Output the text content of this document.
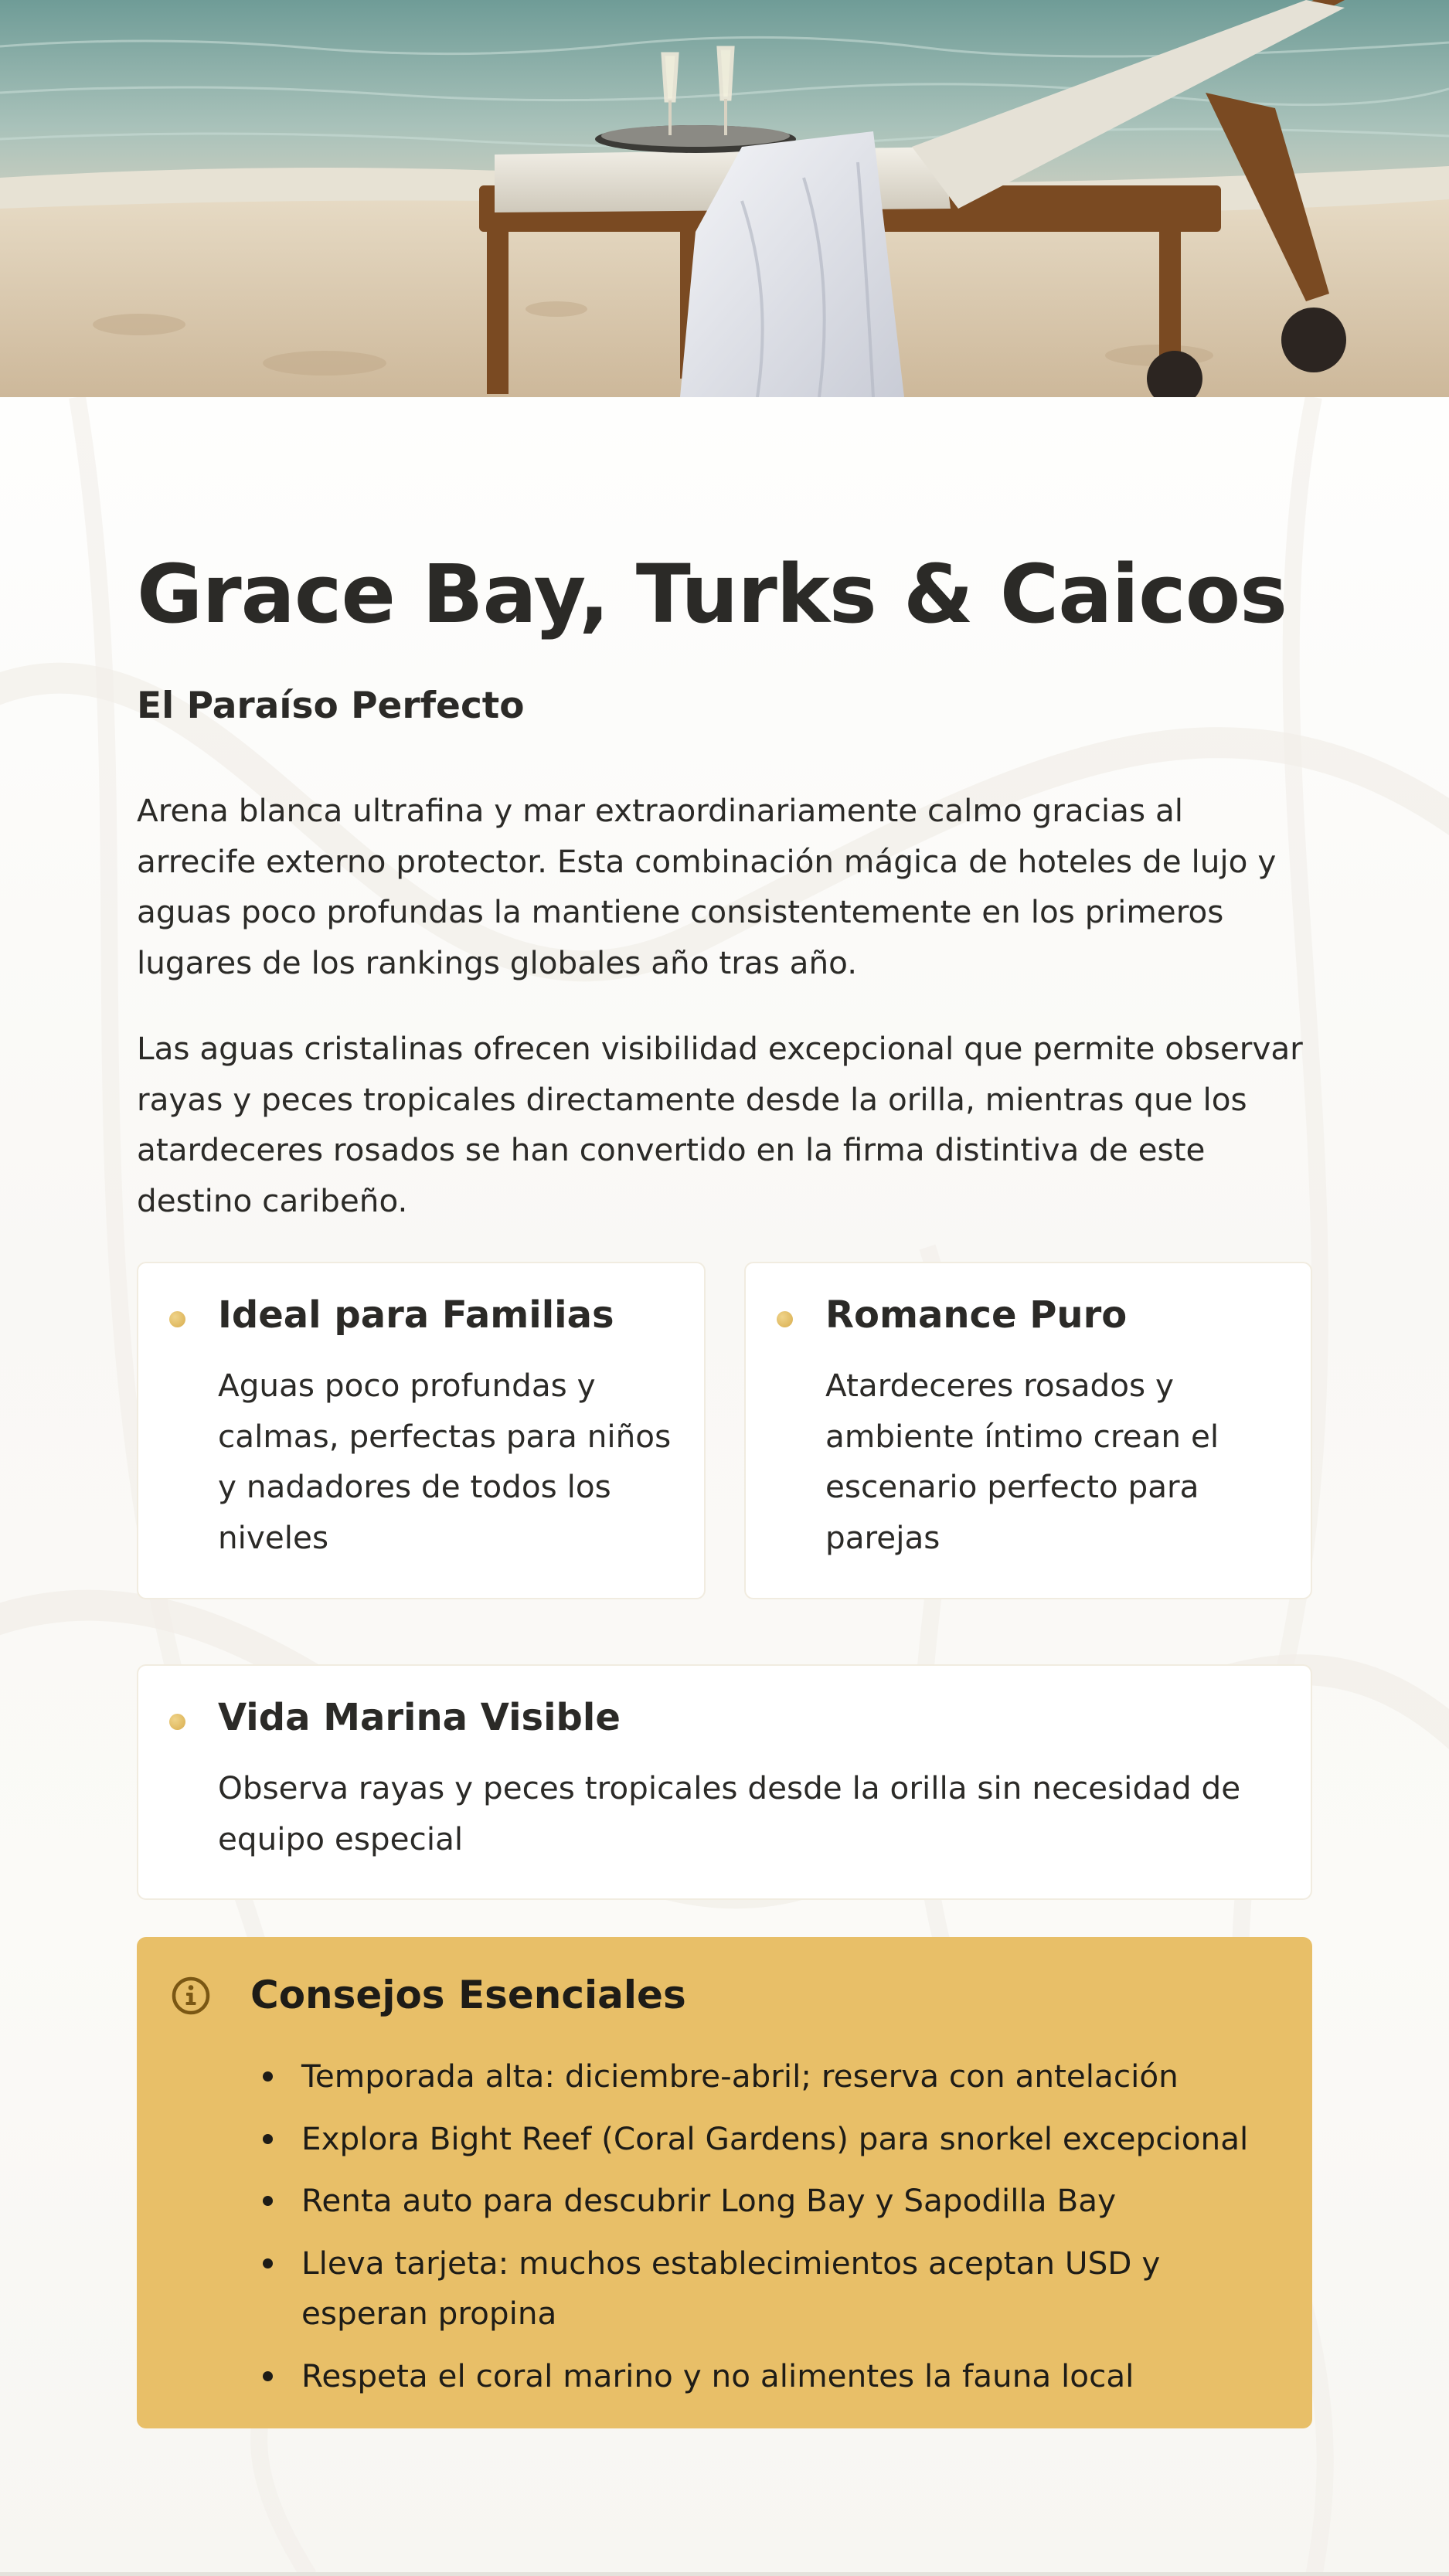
Grace Bay, Turks & Caicos
El Paraíso Perfecto

Arena blanca ultrafina y mar extraordinariamente calmo gracias al arrecife externo protector. Esta combinación mágica de hoteles de lujo y aguas poco profundas la mantiene consistentemente en los primeros lugares de los rankings globales año tras año.

Las aguas cristalinas ofrecen visibilidad excepcional que permite observar rayas y peces tropicales directamente desde la orilla, mientras que los atardeceres rosados se han convertido en la firma distintiva de este destino caribeño.

Ideal para Familias

Aguas poco profundas y calmas, perfectas para niños y nadadores de todos los niveles

Romance Puro

Atardeceres rosados y ambiente íntimo crean el escenario perfecto para parejas

Vida Marina Visible

Observa rayas y peces tropicales desde la orilla sin necesidad de equipo especial

Consejos Esenciales
Temporada alta: diciembre-abril; reserva con antelación
Explora Bight Reef (Coral Gardens) para snorkel excepcional
Renta auto para descubrir Long Bay y Sapodilla Bay
Lleva tarjeta: muchos establecimientos aceptan USD y esperan propina
Respeta el coral marino y no alimentes la fauna local
